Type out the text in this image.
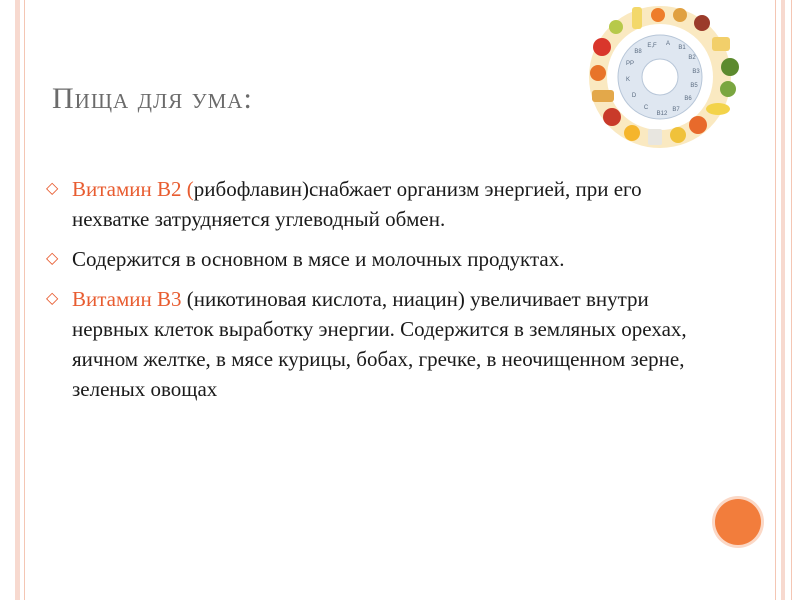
E,F A
B1
B2
B3
B5
B6
B7
B12
C
D
K
PP
B8
Пища для ума:
◇ Витамин B2 (рибофлавин)снабжает организм энергией, при его нехватке затрудняется углеводный обмен.
◇ Содержится в основном в мясе и молочных продуктах.
◇ Витамин В3 (никотиновая кислота, ниацин) увеличивает внутри нервных клеток выработку энергии. Содержится в земляных орехах, яичном желтке, в мясе курицы, бобах, гречке, в неочищенном зерне, зеленых овощах
